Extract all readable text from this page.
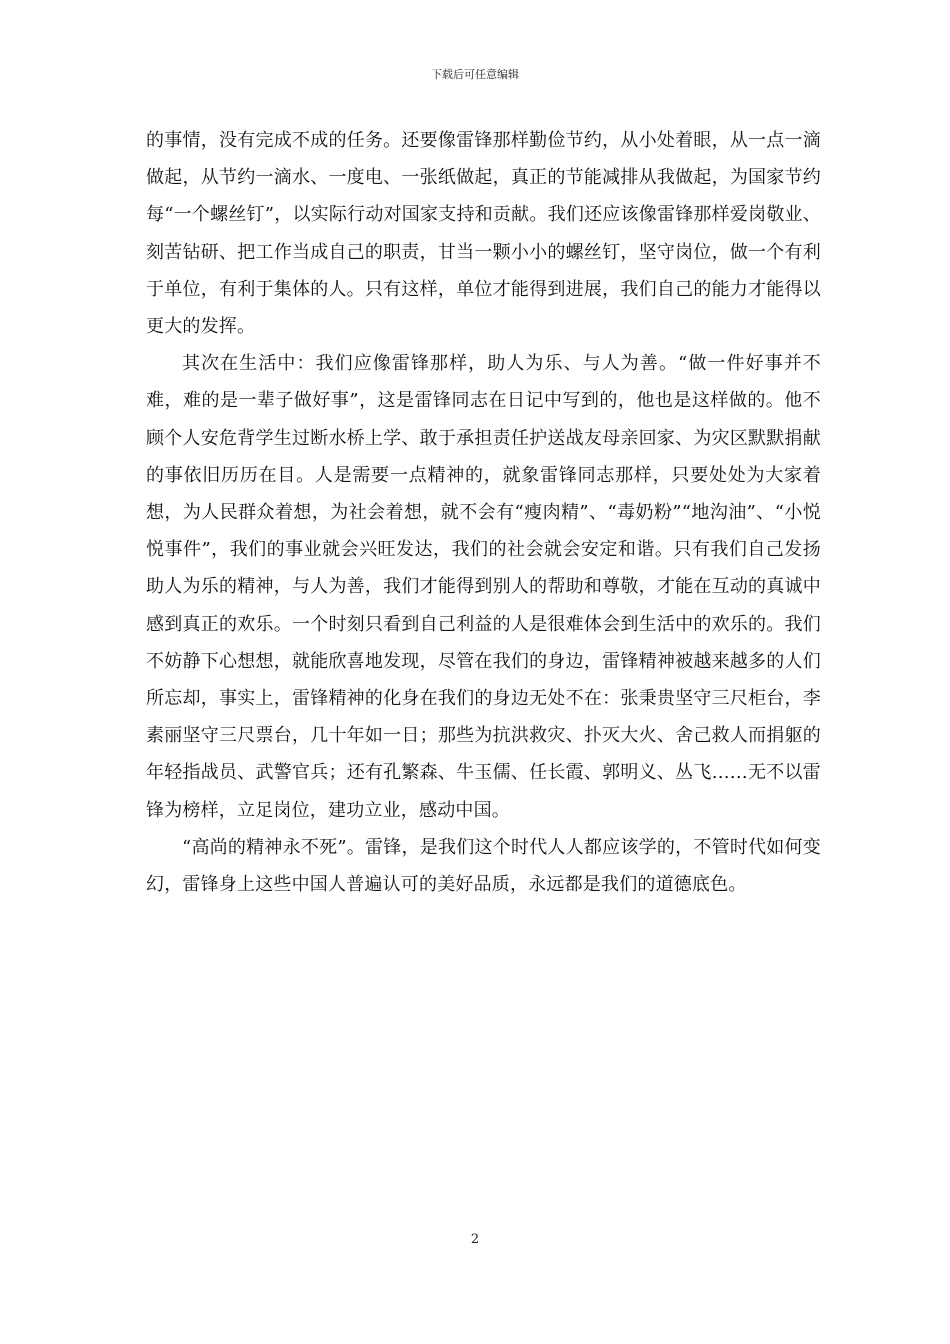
下载后可任意编辑

的事情，没有完成不成的任务。还要像雷锋那样勤俭节约，从小处着眼，从一点一滴做起，从节约一滴水、一度电、一张纸做起，真正的节能减排从我做起，为国家节约每“一个螺丝钉”，以实际行动对国家支持和贡献。我们还应该像雷锋那样爱岗敬业、刻苦钻研、把工作当成自己的职责，甘当一颗小小的螺丝钉，坚守岗位，做一个有利于单位，有利于集体的人。只有这样，单位才能得到进展，我们自己的能力才能得以更大的发挥。

其次在生活中：我们应像雷锋那样，助人为乐、与人为善。“做一件好事并不难，难的是一辈子做好事”，这是雷锋同志在日记中写到的，他也是这样做的。他不顾个人安危背学生过断水桥上学、敢于承担责任护送战友母亲回家、为灾区默默捐献的事依旧历历在目。人是需要一点精神的，就象雷锋同志那样，只要处处为大家着想，为人民群众着想，为社会着想，就不会有“瘦肉精”、“毒奶粉”“地沟油”、“小悦悦事件”，我们的事业就会兴旺发达，我们的社会就会安定和谐。只有我们自己发扬助人为乐的精神，与人为善，我们才能得到别人的帮助和尊敬，才能在互动的真诚中感到真正的欢乐。一个时刻只看到自己利益的人是很难体会到生活中的欢乐的。我们不妨静下心想想，就能欣喜地发现，尽管在我们的身边，雷锋精神被越来越多的人们所忘却，事实上，雷锋精神的化身在我们的身边无处不在：张秉贵坚守三尺柜台，李素丽坚守三尺票台，几十年如一日；那些为抗洪救灾、扑灭大火、舍己救人而捐躯的年轻指战员、武警官兵；还有孔繁森、牛玉儒、任长霞、郭明义、丛飞……无不以雷锋为榜样，立足岗位，建功立业，感动中国。

“高尚的精神永不死”。雷锋，是我们这个时代人人都应该学的，不管时代如何变幻，雷锋身上这些中国人普遍认可的美好品质，永远都是我们的道德底色。

2
